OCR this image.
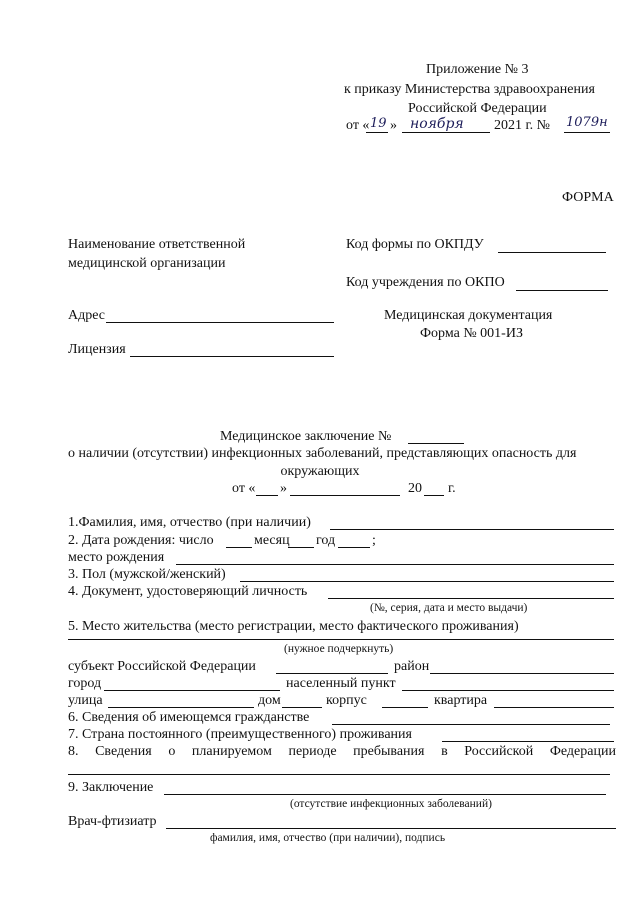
Приложение № 3
к приказу Министерства здравоохранения
Российской Федерации
от « 19 » ноября 2021 г. № 1079н
ФОРМА
Наименование ответственной
медицинской организации
Код формы по ОКПДУ
Код учреждения по ОКПО
Адрес
Лицензия
Медицинская документация
Форма № 001-ИЗ
Медицинское заключение №
о наличии (отсутствии) инфекционных заболеваний, представляющих опасность для
окружающих
от « »	20 г.
1.Фамилия, имя, отчество (при наличии)
2. Дата рождения: число	месяц год	;
место рождения
3. Пол (мужской/женский)
4. Документ, удостоверяющий личность
(№, серия, дата и место выдачи)
5. Место жительства (место регистрации, место фактического проживания)
(нужное подчеркнуть)
субъект Российской Федерации	район
город	населенный пункт
улица	дом	корпус	квартира
6. Сведения об имеющемся гражданстве
7. Страна постоянного (преимущественного) проживания
8. Сведения о планируемом периоде пребывания в Российской Федерации
9. Заключение
(отсутствие инфекционных заболеваний)
Врач-фтизиатр
фамилия, имя, отчество (при наличии), подпись
